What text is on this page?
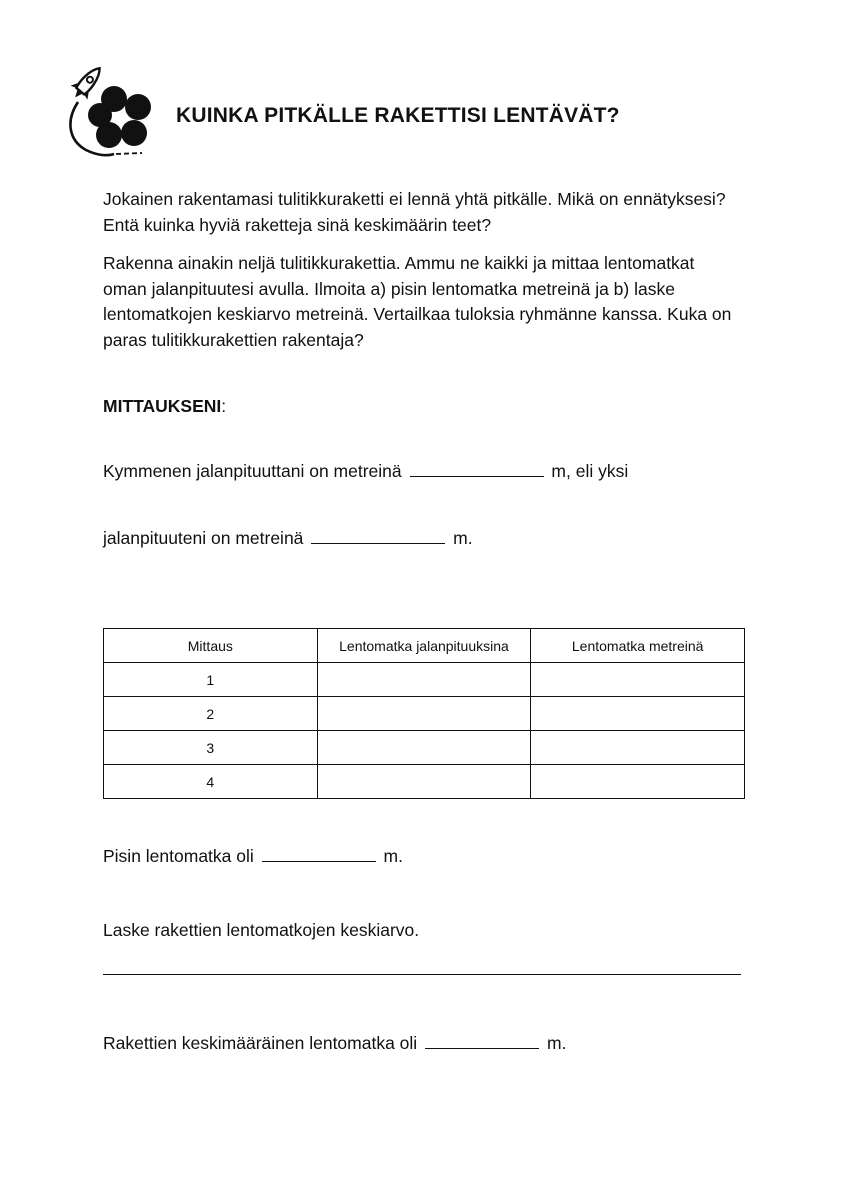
KUINKA PITKÄLLE RAKETTISI LENTÄVÄT?

Jokainen rakentamasi tulitikkuraketti ei lennä yhtä pitkälle. Mikä on ennätyksesi? Entä kuinka hyviä raketteja sinä keskimäärin teet?

Rakenna ainakin neljä tulitikkurakettia. Ammu ne kaikki ja mittaa lentomatkat oman jalanpituutesi avulla. Ilmoita a) pisin lentomatka metreinä ja b) laske lentomatkojen keskiarvo metreinä. Vertailkaa tuloksia ryhmänne kanssa. Kuka on paras tulitikkurakettien rakentaja?

MITTAUKSENI:

Kymmenen jalanpituuttani on metreinä	m, eli yksi
jalanpituuteni on metreinä	m.
Mittaus	Lentomatka jalanpituuksina	Lentomatka metreinä
1		
2		
3		
4		
Pisin lentomatka oli	m.
Laske rakettien lentomatkojen keskiarvo.
Rakettien keskimääräinen lentomatka oli	m.
